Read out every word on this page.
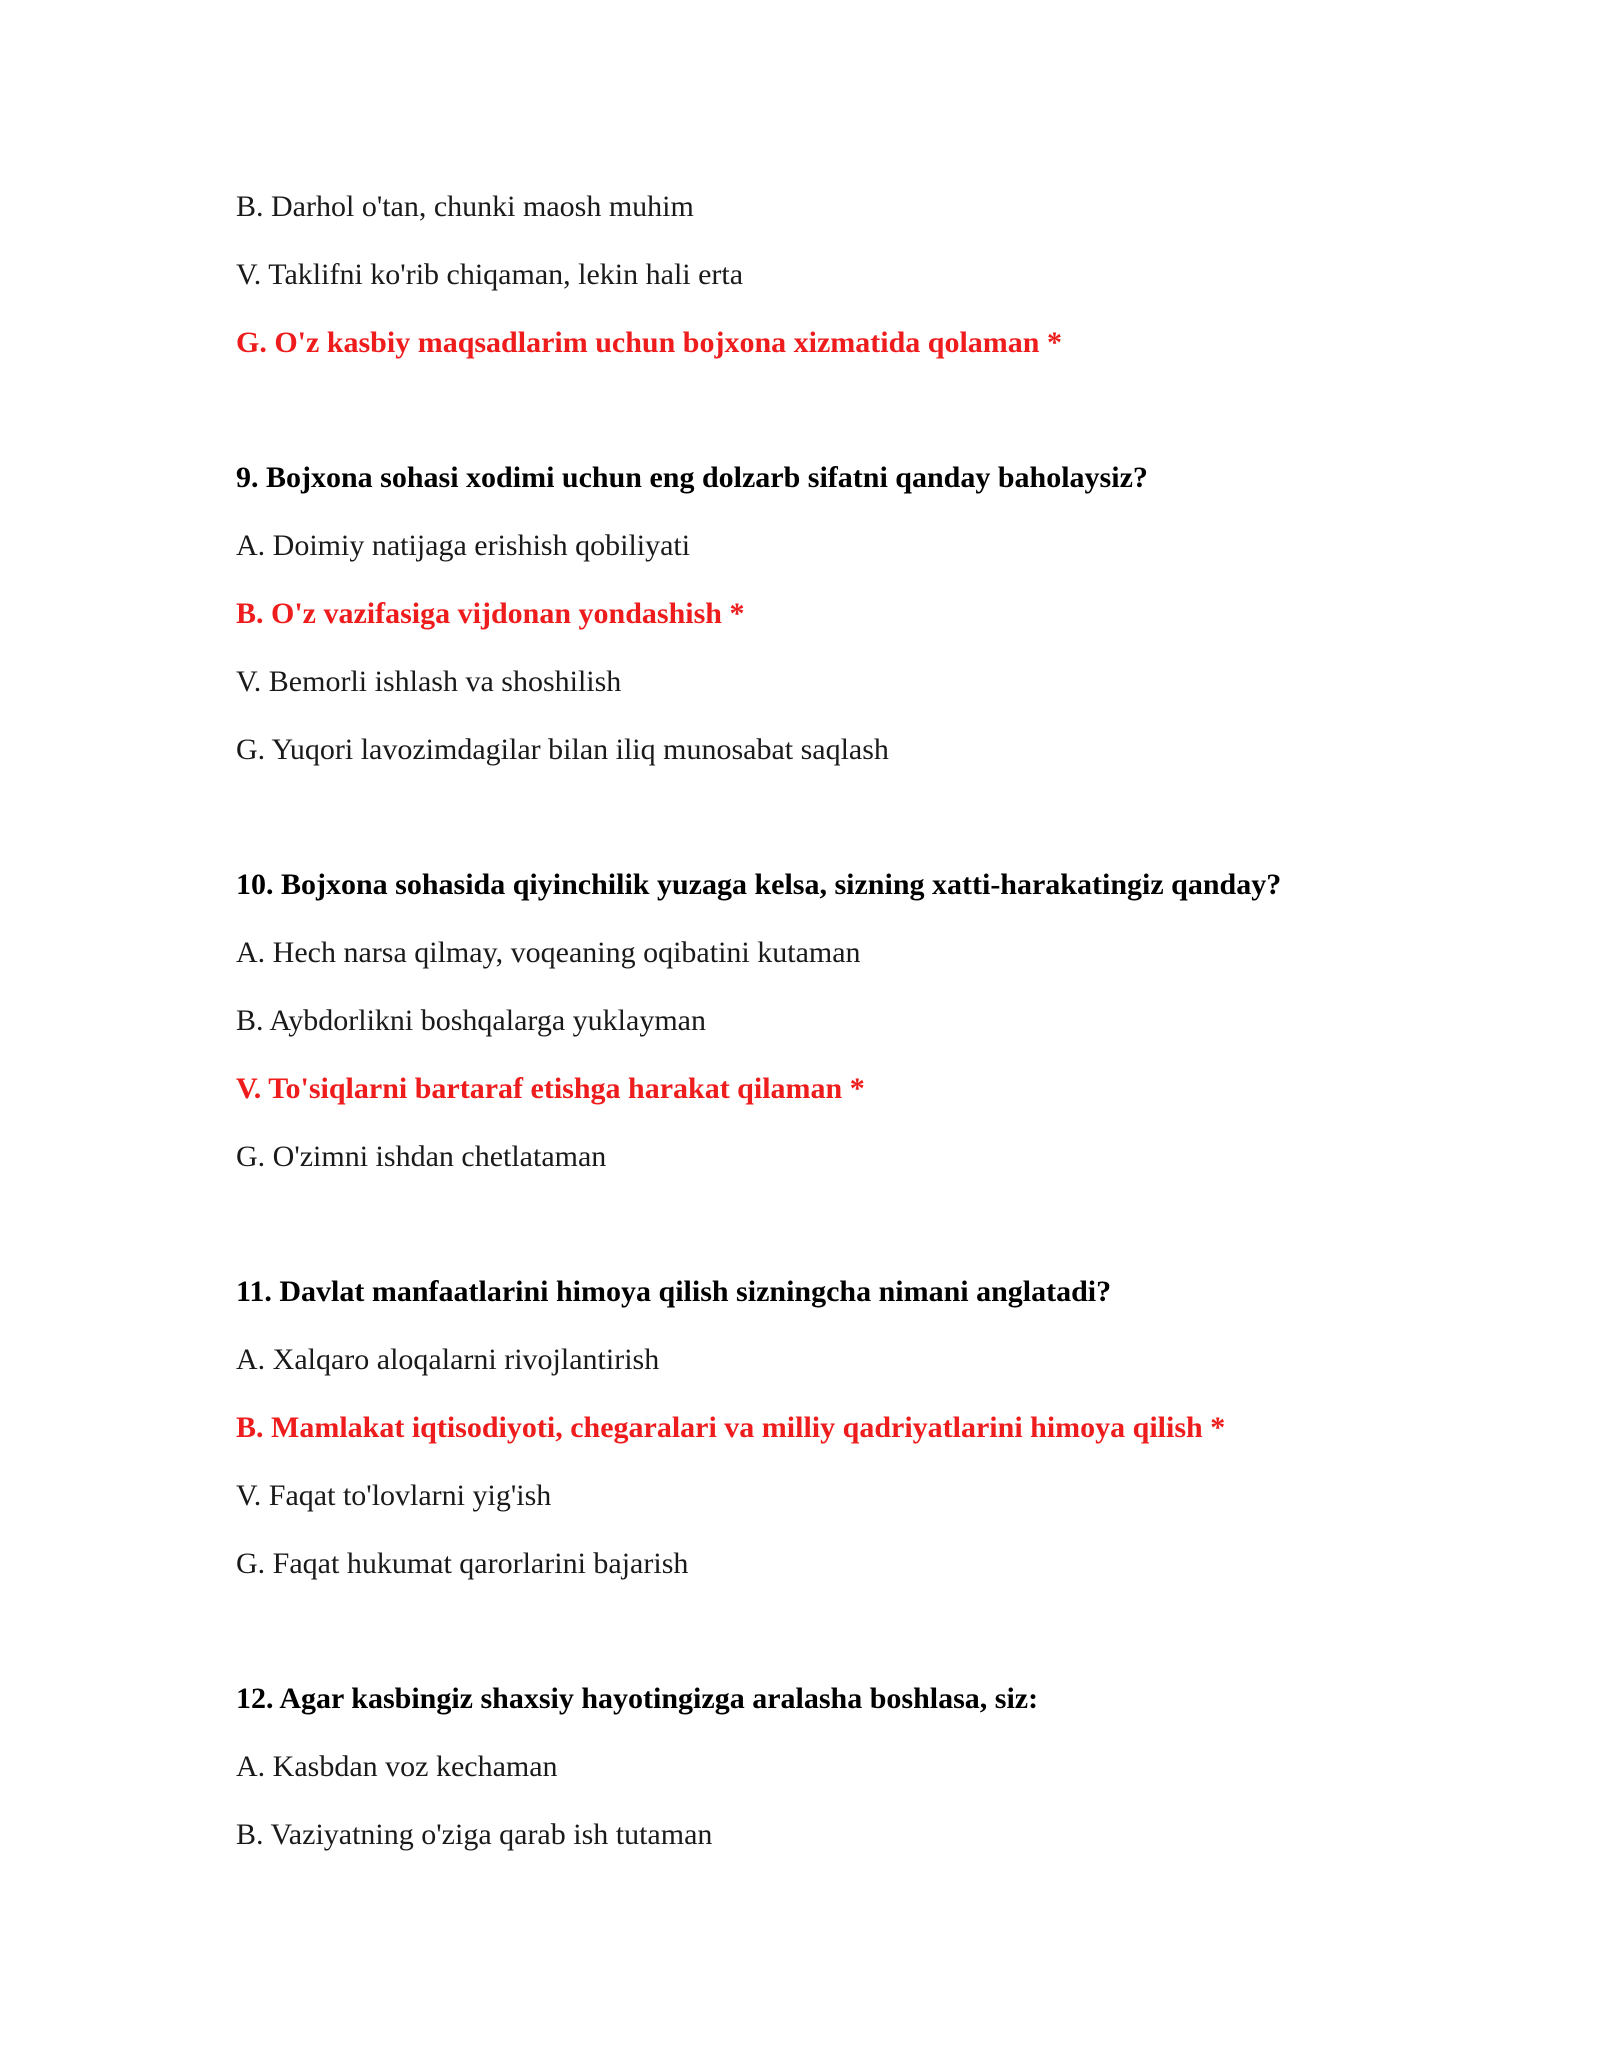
B. Darhol o'tan, chunki maosh muhim
V. Taklifni ko'rib chiqaman, lekin hali erta
G. O'z kasbiy maqsadlarim uchun bojxona xizmatida qolaman *
9. Bojxona sohasi xodimi uchun eng dolzarb sifatni qanday baholaysiz?
A. Doimiy natijaga erishish qobiliyati
B. O'z vazifasiga vijdonan yondashish *
V. Bemorli ishlash va shoshilish
G. Yuqori lavozimdagilar bilan iliq munosabat saqlash
10. Bojxona sohasida qiyinchilik yuzaga kelsa, sizning xatti-harakatingiz qanday?
A. Hech narsa qilmay, voqeaning oqibatini kutaman
B. Aybdorlikni boshqalarga yuklayman
V. To'siqlarni bartaraf etishga harakat qilaman *
G. O'zimni ishdan chetlataman
11. Davlat manfaatlarini himoya qilish sizningcha nimani anglatadi?
A. Xalqaro aloqalarni rivojlantirish
B. Mamlakat iqtisodiyoti, chegaralari va milliy qadriyatlarini himoya qilish *
V. Faqat to'lovlarni yig'ish
G. Faqat hukumat qarorlarini bajarish
12. Agar kasbingiz shaxsiy hayotingizga aralasha boshlasa, siz:
A. Kasbdan voz kechaman
B. Vaziyatning o'ziga qarab ish tutaman
